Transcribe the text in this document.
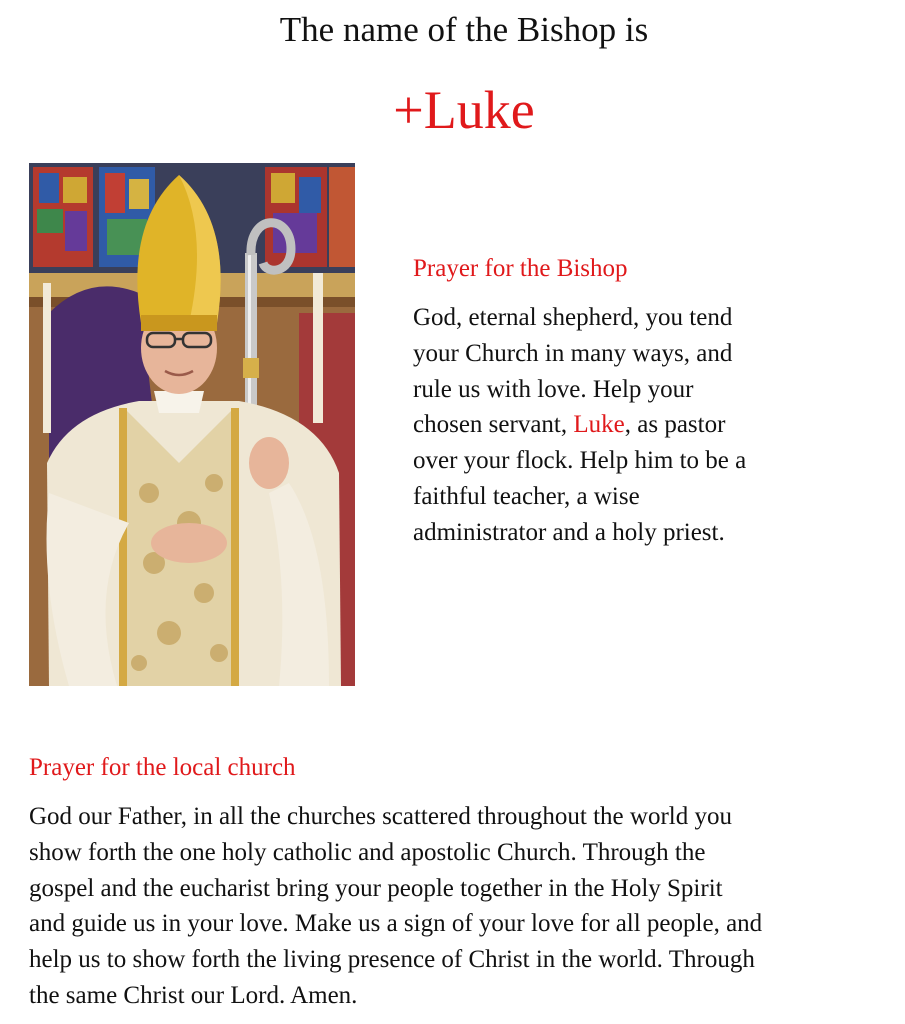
The name of the Bishop is
+Luke
Prayer for the Bishop
God, eternal shepherd, you tend
your Church in many ways, and
rule us with love. Help your
chosen servant, Luke, as pastor
over your flock. Help him to be a
faithful teacher, a wise
administrator and a holy priest.
Prayer for the local church
God our Father, in all the churches scattered throughout the world you
show forth the one holy catholic and apostolic Church. Through the
gospel and the eucharist bring your people together in the Holy Spirit
and guide us in your love. Make us a sign of your love for all people, and
help us to show forth the living presence of Christ in the world. Through
the same Christ our Lord. Amen.
